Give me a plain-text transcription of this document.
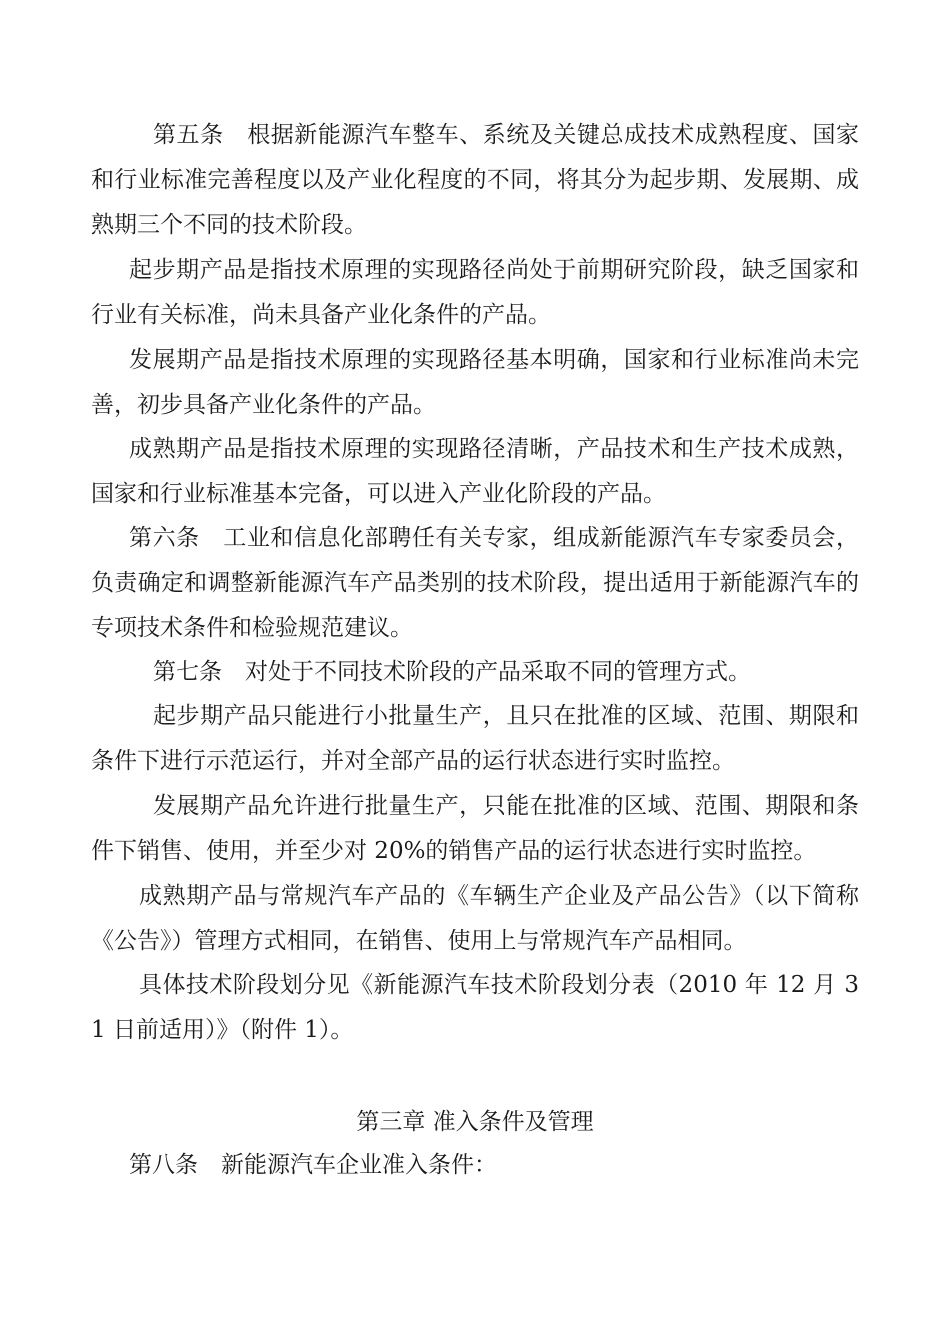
第五条　根据新能源汽车整车、系统及关键总成技术成熟程度、国家和行业标准完善程度以及产业化程度的不同，将其分为起步期、发展期、成熟期三个不同的技术阶段。

起步期产品是指技术原理的实现路径尚处于前期研究阶段，缺乏国家和行业有关标准，尚未具备产业化条件的产品。

发展期产品是指技术原理的实现路径基本明确，国家和行业标准尚未完善，初步具备产业化条件的产品。

成熟期产品是指技术原理的实现路径清晰，产品技术和生产技术成熟，国家和行业标准基本完备，可以进入产业化阶段的产品。

第六条　工业和信息化部聘任有关专家，组成新能源汽车专家委员会，负责确定和调整新能源汽车产品类别的技术阶段，提出适用于新能源汽车的专项技术条件和检验规范建议。

第七条　对处于不同技术阶段的产品采取不同的管理方式。

起步期产品只能进行小批量生产，且只在批准的区域、范围、期限和条件下进行示范运行，并对全部产品的运行状态进行实时监控。

发展期产品允许进行批量生产，只能在批准的区域、范围、期限和条件下销售、使用，并至少对 20%的销售产品的运行状态进行实时监控。

成熟期产品与常规汽车产品的《车辆生产企业及产品公告》（以下简称《公告》）管理方式相同，在销售、使用上与常规汽车产品相同。

具体技术阶段划分见《新能源汽车技术阶段划分表（2010 年 12 月 31 日前适用）》（附件 1）。

第三章 准入条件及管理

第八条　新能源汽车企业准入条件：
